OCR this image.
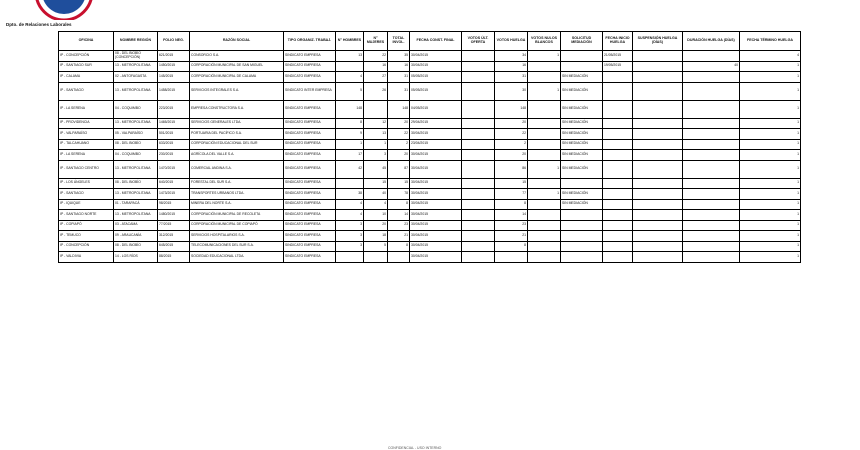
Dpto. de Relaciones Laborales
OFICINA	NOMBRE REGIÓN	FOLIO NEG.	RAZÓN SOCIAL	TIPO ORGANIZ. TRABAJ.	N° HOMBRES	N° MUJERES	TOTAL INVOL.	FECHA CONST. FINAL	VOTOS ÚLT. OFERTA	VOTOS HUELGA	VOTOS NULOS BLANCOS	SOLICITUD MEDIACIÓN	FECHA INICIO HUELGA	SUSPENSIÓN HUELGA (DÍAS)	DURACIÓN HUELGA (DÍAS)	FECHA TÉRMINO HUELGA
IP - CONCEPCIÓN	08 - DEL BIOBÍO (CONCEPCIÓN)	621/2015	CONSORCIO S.A.	SINDICATO EMPRESA	13	22	35	30/04/2015		34	1		21/05/2015			4
IP - SANTIAGO SUR	13 - METROPOLITANA	1450/2015	CORPORACIÓN MUNICIPAL DE SAN MIGUEL	SINDICATO EMPRESA		16	16	30/04/2015		16			19/05/2015		40	1
IP - CALAMA	02 - ANTOFAGASTA	145/2015	CORPORACIÓN MUNICIPAL DE CALAMA	SINDICATO EMPRESA	4	27	31	05/05/2015		31		SIN MEDIACIÓN				1
IP - SANTIAGO	13 - METROPOLITANA	1458/2015	SERVICIOS INTEGRALES S.A.	SINDICATO INTER EMPRESA	5	26	31	05/05/2015		30	1	SIN MEDIACIÓN				1
IP - LA SERENA	04 - COQUIMBO	223/2015	EMPRESA CONSTRUCTORA S.A.	SINDICATO EMPRESA	148		148	04/05/2015		148		SIN MEDIACIÓN				1
IP - PROVIDENCIA	13 - METROPOLITANA	1465/2015	SERVICIOS GENERALES LTDA.	SINDICATO EMPRESA	8	12	20	29/04/2015		20		SIN MEDIACIÓN				1
IP - VALPARAÍSO	05 - VALPARAÍSO	501/2015	PORTUARIA DEL PACÍFICO S.A.	SINDICATO EMPRESA	9	13	22	30/04/2015		22		SIN MEDIACIÓN				1
IP - TALCAHUANO	08 - DEL BIOBÍO	633/2015	CORPORACIÓN EDUCACIONAL DEL SUR	SINDICATO EMPRESA	1	1	2	23/04/2015		2		SIN MEDIACIÓN				1
IP - LA SERENA	04 - COQUIMBO	230/2015	AGRÍCOLA DEL VALLE S.A.	SINDICATO EMPRESA	17	3	20	30/04/2015		20		SIN MEDIACIÓN				1
IP - SANTIAGO CENTRO	13 - METROPOLITANA	1470/2015	COMERCIAL ANDINA S.A.	SINDICATO EMPRESA	42	45	87	30/04/2015		86	1	SIN MEDIACIÓN				1
IP - LOS ÁNGELES	08 - DEL BIOBÍO	640/2015	FORESTAL DEL SUR S.A.	SINDICATO EMPRESA		15	15	30/04/2015		15						1
IP - SANTIAGO	13 - METROPOLITANA	1473/2015	TRANSPORTES URBANOS LTDA.	SINDICATO EMPRESA	38	40	78	30/04/2015		77	1	SIN MEDIACIÓN				1
IP - IQUIQUE	01 - TARAPACÁ	98/2015	MINERA DEL NORTE S.A.	SINDICATO EMPRESA	4	4	8	30/04/2015		8		SIN MEDIACIÓN				1
IP - SANTIAGO NORTE	13 - METROPOLITANA	1480/2015	CORPORACIÓN MUNICIPAL DE RECOLETA	SINDICATO EMPRESA	4	10	14	30/04/2015		14						1
IP - COPIAPÓ	03 - ATACAMA	77/2015	CORPORACIÓN MUNICIPAL DE COPIAPÓ	SINDICATO EMPRESA	3	20	23	30/04/2015		23						1
IP - TEMUCO	09 - ARAUCANÍA	312/2015	SERVICIOS HOSPITALARIOS S.A.	SINDICATO EMPRESA	3	18	21	30/04/2015		21						1
IP - CONCEPCIÓN	08 - DEL BIOBÍO	645/2015	TELECOMUNICACIONES DEL SUR S.A.	SINDICATO EMPRESA	3	5	8	30/04/2015		8						1
IP - VALDIVIA	14 - LOS RÍOS	88/2015	SOCIEDAD EDUCACIONAL LTDA.	SINDICATO EMPRESA				30/04/2015								1
CONFIDENCIAL - USO INTERNO
